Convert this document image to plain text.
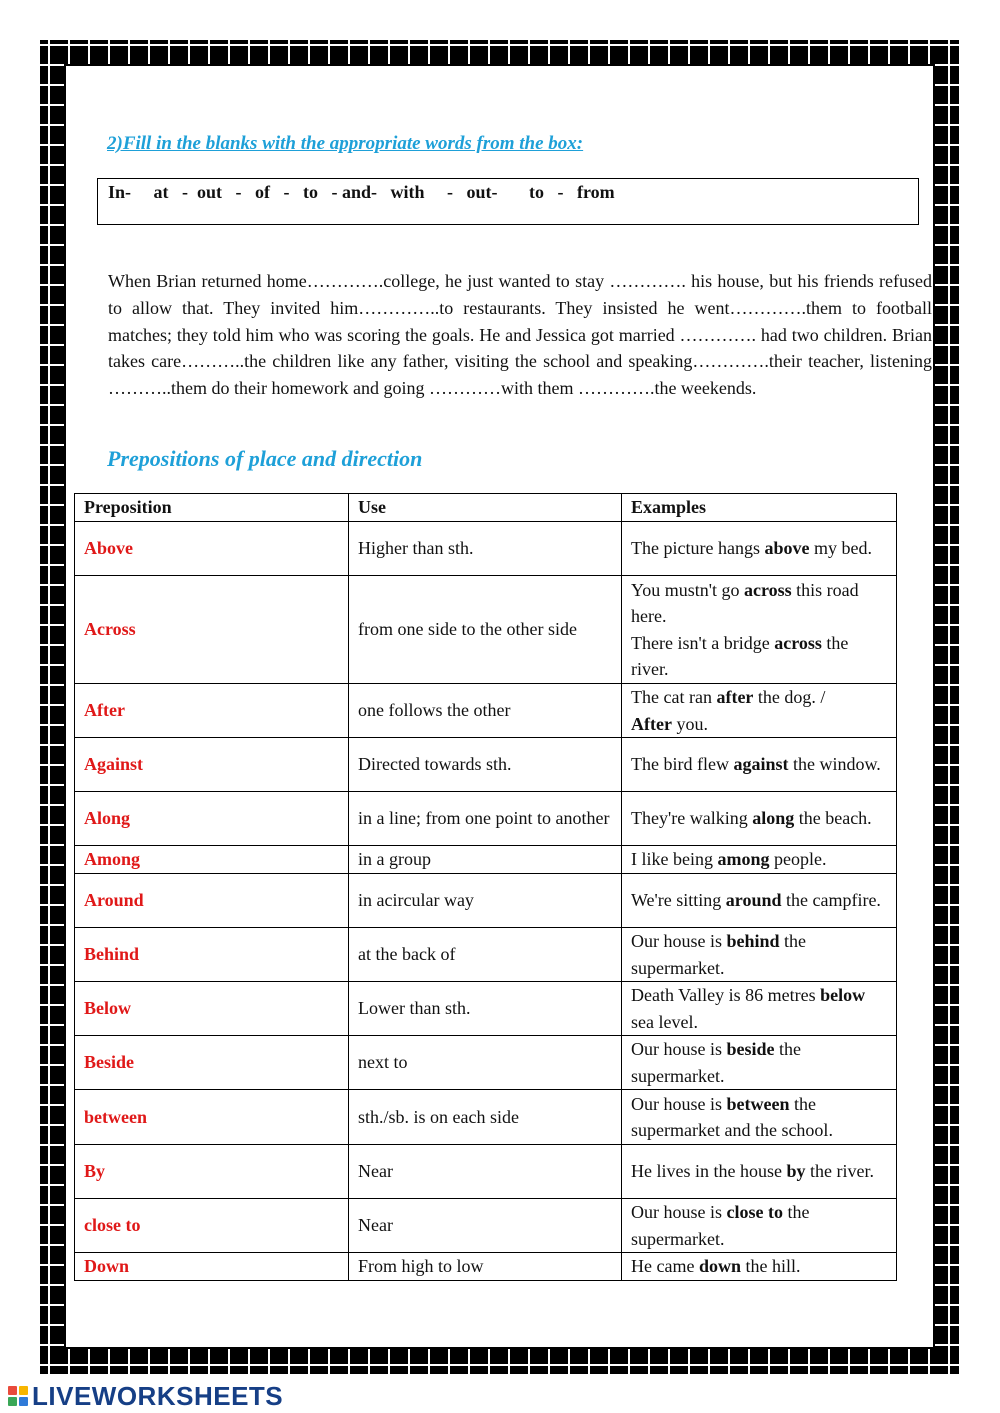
2)Fill in the blanks with the appropriate words from the box:
In-     at   -  out   -   of   -   to   - and-   with     -   out-       to   -   from

When Brian returned home………….college, he just wanted to stay …………. his house, but his friends refused to allow that. They invited him…………..to restaurants. They insisted he went………….them to football matches; they told him who was scoring the goals. He and Jessica got married …………. had two children. Brian takes care………..the children like any father, visiting the school and speaking………….their teacher, listening ………..them do their homework and going …………with them ………….the weekends.

Prepositions of place and direction
Preposition	Use	Examples
Above	Higher than sth.	The picture hangs above my bed.

Across	from one side to the other side	You mustn't go across this road here.
There isn't a bridge across the river.

After	one follows the other	The cat ran after the dog. /
After you.

Against	Directed towards sth.	The bird flew against the window.

Along	in a line; from one point to another	They're walking along the beach.

Among	in a group	I like being among people.

Around	in acircular way	We're sitting around the campfire.

Behind	at the back of	Our house is behind the supermarket.

Below	Lower than sth.	Death Valley is 86 metres below sea level.

Beside	next to	Our house is beside the supermarket.

between	sth./sb. is on each side	Our house is between the supermarket and the school.

By	Near	He lives in the house by the river.

close to	Near	Our house is close to the supermarket.

Down	From high to low	He came down the hill.
LIVEWORKSHEETS
